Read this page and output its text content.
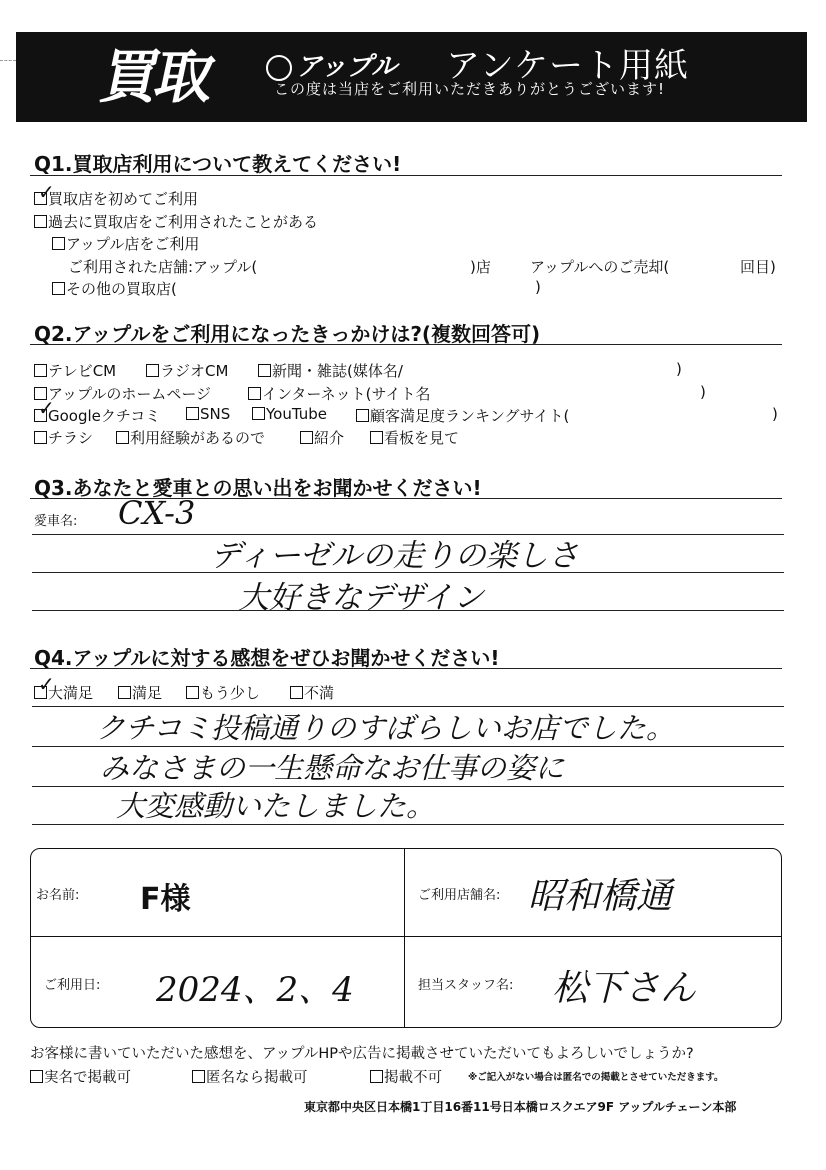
買取	アップル アンケート用紙
この度は当店をご利用いただきありがとうございます!
Q1.買取店利用について教えてください!
買取店を初めてご利用
✓
過去に買取店をご利用されたことがある
アップル店をご利用
ご利用された店舗:アップル(	)店	アップルへのご売却(	回目)
その他の買取店(	)
Q2.アップルをご利用になったきっかけは?(複数回答可)
テレビCM	ラジオCM	新聞・雑誌(媒体名/	)
アップルのホームページ	インターネット(サイト名	)
Googleクチコミ
✓	SNS	YouTube	顧客満足度ランキングサイト(	)
チラシ	利用経験があるので	紹介	看板を見て
Q3.あなたと愛車との思い出をお聞かせください!
愛車名: CX-3
ディーゼルの走りの楽しさ
大好きなデザイン
Q4.アップルに対する感想をぜひお聞かせください!
大満足
✓	満足	もう少し	不満
クチコミ投稿通りのすばらしいお店でした。
みなさまの一生懸命なお仕事の姿に
大変感動いたしました。
お名前: F様	ご利用店舗名: 昭和橋通
ご利用日: 2024、2、4	担当スタッフ名: 松下さん
お客様に書いていただいた感想を、アップルHPや広告に掲載させていただいてもよろしいでしょうか?
実名で掲載可	匿名なら掲載可	掲載不可	※ご記入がない場合は匿名での掲載とさせていただきます。
東京都中央区日本橋1丁目16番11号日本橋ロスクエア9F アップルチェーン本部
